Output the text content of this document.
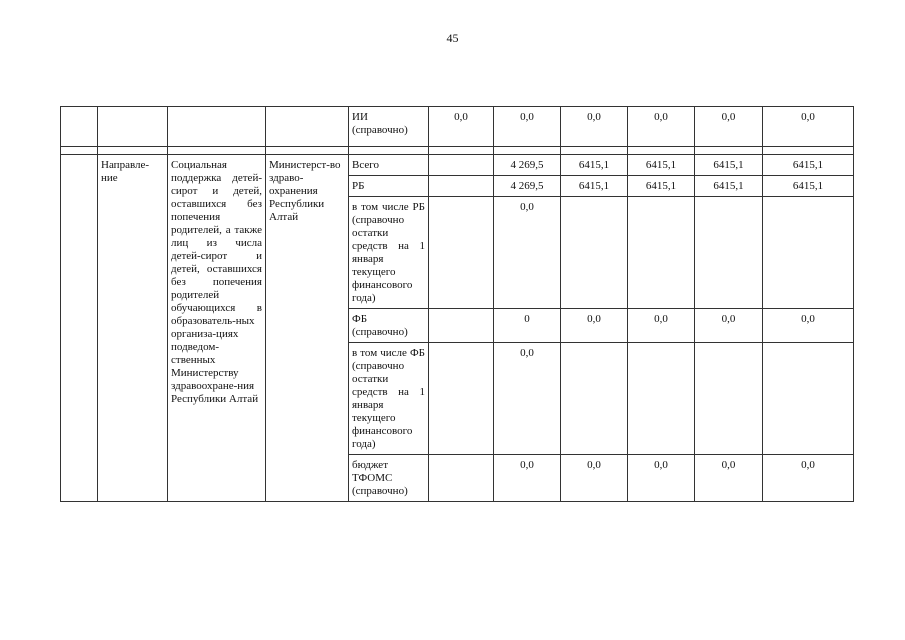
45
				ИИ (справочно)	0,0	0,0	0,0	0,0	0,0	0,0

	Направле-ние	Социальная поддержка детей-сирот и детей, оставшихся без попечения родителей, а также лиц из числа детей-сирот и детей, оставшихся без попечения родителей обучающихся в образователь-ных организа-циях подведом-ственных Министерству здравоохране-ния Республики Алтай	Министерст-во здраво-охранения Республики Алтай	Всего		4 269,5	6415,1	6415,1	6415,1	6415,1
				РБ		4 269,5	6415,1	6415,1	6415,1	6415,1
				в том числе РБ (справочно остатки средств на 1 января текущего финансового года)		0,0				
				ФБ (справочно)		0	0,0	0,0	0,0	0,0
				в том числе ФБ (справочно остатки средств на 1 января текущего финансового года)		0,0				
				бюджет ТФОМС (справочно)		0,0	0,0	0,0	0,0	0,0
